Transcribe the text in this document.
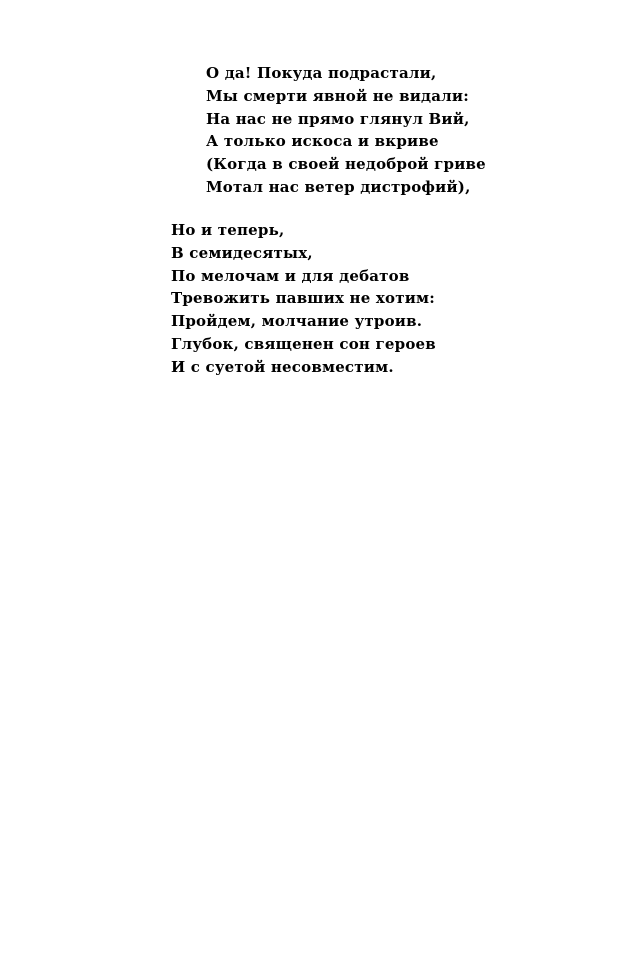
О да! Покуда подрастали,
Мы смерти явной не видали:
На нас не прямо глянул Вий,
А только искоса и вкриве
(Когда в своей недоброй гриве
Мотал нас ветер дистрофий),
Но и теперь,
В семидесятых,
По мелочам и для дебатов
Тревожить павших не хотим:
Пройдем, молчание утроив.
Глубок, священен сон героев
И с суетой несовместим.
